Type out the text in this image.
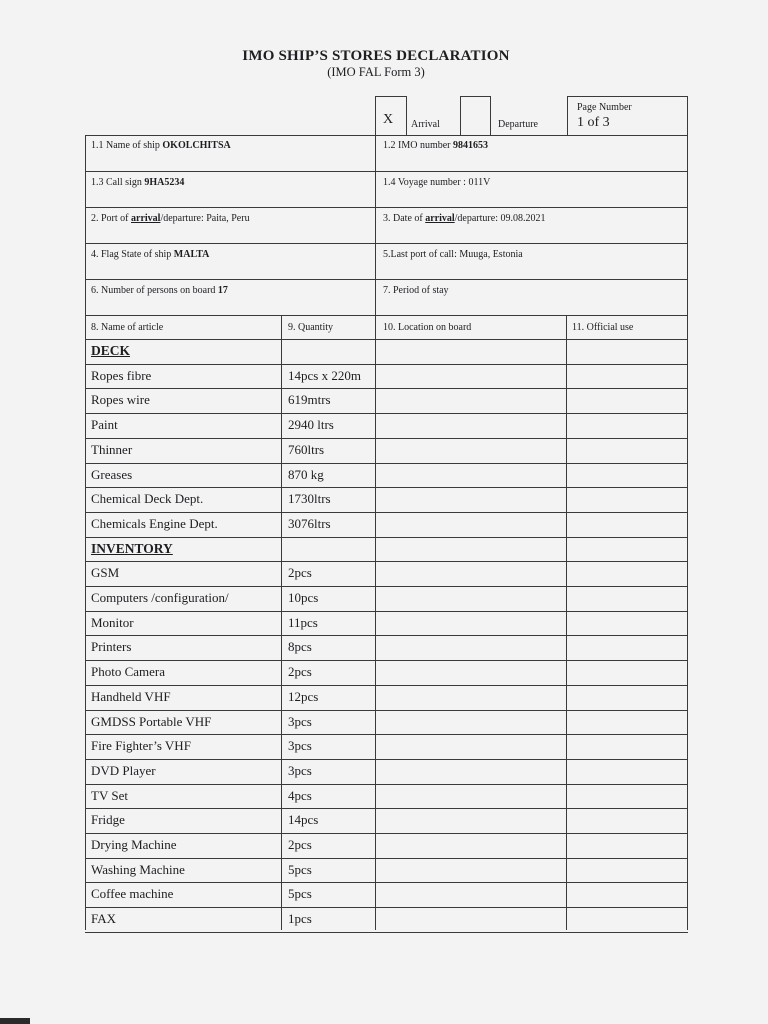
IMO SHIP’S STORES DECLARATION
(IMO FAL Form 3)
X Arrival	Departure
Page Number
1 of 3
1.1 Name of ship OKOLCHITSA	1.2 IMO number 9841653
1.3 Call sign 9HA5234	1.4 Voyage number : 011V
2. Port of arrival/departure: Paita, Peru	3. Date of arrival/departure: 09.08.2021
4. Flag State of ship MALTA	5.Last port of call: Muuga, Estonia
6. Number of persons on board 17	7. Period of stay
8. Name of article	9. Quantity	10. Location on board	11. Official use
DECK
Ropes fibre	14pcs x 220m
Ropes wire	619mtrs
Paint	2940 ltrs
Thinner	760ltrs
Greases	870 kg
Chemical Deck Dept.	1730ltrs
Chemicals Engine Dept.	3076ltrs
INVENTORY
GSM	2pcs
Computers /configuration/	10pcs
Monitor	11pcs
Printers	8pcs
Photo Camera	2pcs
Handheld VHF	12pcs
GMDSS Portable VHF	3pcs
Fire Fighter’s VHF	3pcs
DVD Player	3pcs
TV Set	4pcs
Fridge	14pcs
Drying Machine	2pcs
Washing Machine	5pcs
Coffee machine	5pcs
FAX	1pcs
